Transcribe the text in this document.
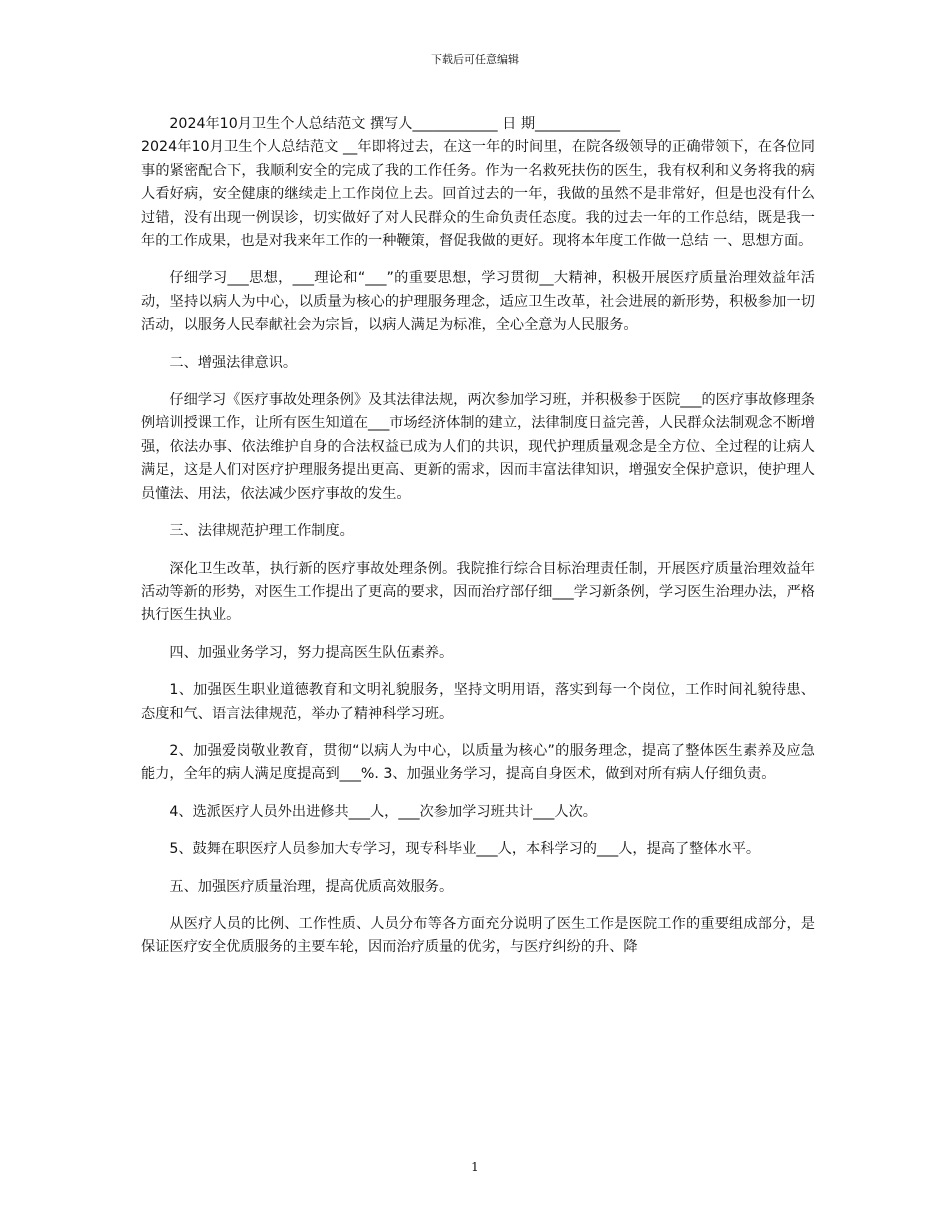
下载后可任意编辑

2024年10月卫生个人总结范文 撰写人____________ 日 期____________

2024年10月卫生个人总结范文 __年即将过去，在这一年的时间里，在院各级领导的正确带领下，在各位同事的紧密配合下，我顺利安全的完成了我的工作任务。作为一名救死扶伤的医生，我有权利和义务将我的病人看好病，安全健康的继续走上工作岗位上去。回首过去的一年，我做的虽然不是非常好，但是也没有什么过错，没有出现一例误诊，切实做好了对人民群众的生命负责任态度。我的过去一年的工作总结，既是我一年的工作成果，也是对我来年工作的一种鞭策，督促我做的更好。现将本年度工作做一总结 一、思想方面。

仔细学习___思想，___理论和“___”的重要思想，学习贯彻__大精神，积极开展医疗质量治理效益年活动，坚持以病人为中心，以质量为核心的护理服务理念，适应卫生改革，社会进展的新形势，积极参加一切活动，以服务人民奉献社会为宗旨，以病人满足为标准，全心全意为人民服务。

二、增强法律意识。

仔细学习《医疗事故处理条例》及其法律法规，两次参加学习班，并积极参于医院___的医疗事故修理条例培训授课工作，让所有医生知道在___市场经济体制的建立，法律制度日益完善，人民群众法制观念不断增强，依法办事、依法维护自身的合法权益已成为人们的共识，现代护理质量观念是全方位、全过程的让病人满足，这是人们对医疗护理服务提出更高、更新的需求，因而丰富法律知识，增强安全保护意识，使护理人员懂法、用法，依法减少医疗事故的发生。

三、法律规范护理工作制度。

深化卫生改革，执行新的医疗事故处理条例。我院推行综合目标治理责任制，开展医疗质量治理效益年活动等新的形势，对医生工作提出了更高的要求，因而治疗部仔细___学习新条例，学习医生治理办法，严格执行医生执业。

四、加强业务学习，努力提高医生队伍素养。

1、加强医生职业道德教育和文明礼貌服务，坚持文明用语，落实到每一个岗位，工作时间礼貌待患、态度和气、语言法律规范，举办了精神科学习班。

2、加强爱岗敬业教育，贯彻“以病人为中心，以质量为核心”的服务理念，提高了整体医生素养及应急能力，全年的病人满足度提高到___%. 3、加强业务学习，提高自身医术，做到对所有病人仔细负责。

4、选派医疗人员外出进修共___人，___次参加学习班共计___人次。

5、鼓舞在职医疗人员参加大专学习，现专科毕业___人，本科学习的___人，提高了整体水平。

五、加强医疗质量治理，提高优质高效服务。

从医疗人员的比例、工作性质、人员分布等各方面充分说明了医生工作是医院工作的重要组成部分，是保证医疗安全优质服务的主要车轮，因而治疗质量的优劣，与医疗纠纷的升、降

1
